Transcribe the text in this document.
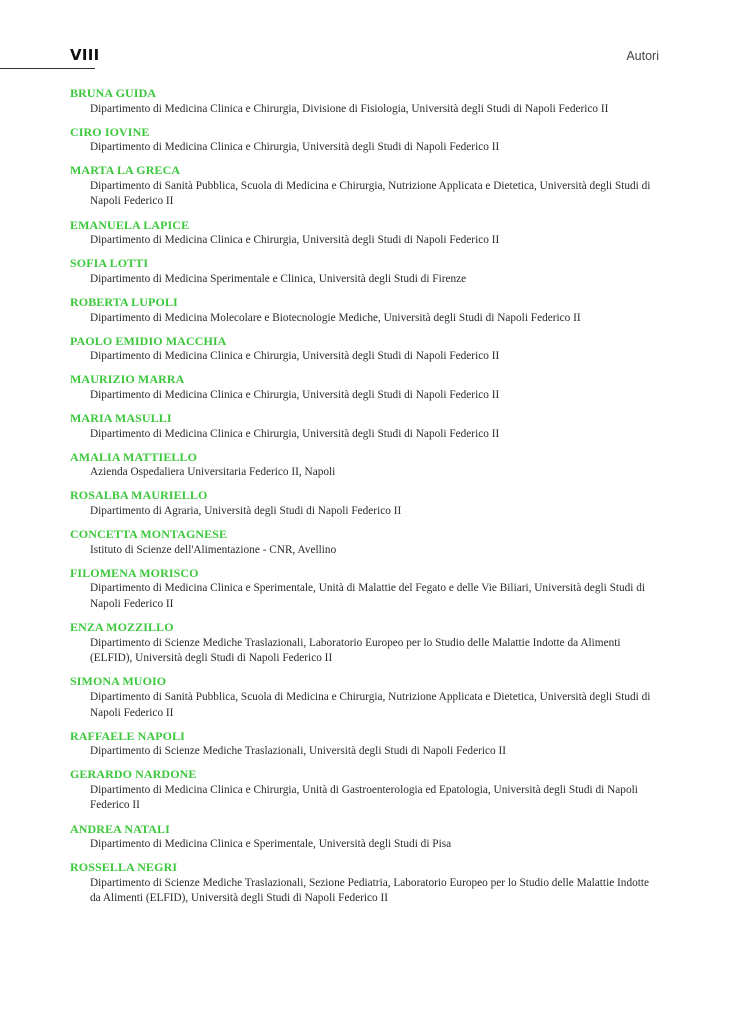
VIII	Autori
BRUNA GUIDA
Dipartimento di Medicina Clinica e Chirurgia, Divisione di Fisiologia, Università degli Studi di Napoli Federico II
CIRO IOVINE
Dipartimento di Medicina Clinica e Chirurgia, Università degli Studi di Napoli Federico II
MARTA LA GRECA
Dipartimento di Sanità Pubblica, Scuola di Medicina e Chirurgia, Nutrizione Applicata e Dietetica, Università degli Studi di Napoli Federico II
EMANUELA LAPICE
Dipartimento di Medicina Clinica e Chirurgia, Università degli Studi di Napoli Federico II
SOFIA LOTTI
Dipartimento di Medicina Sperimentale e Clinica, Università degli Studi di Firenze
ROBERTA LUPOLI
Dipartimento di Medicina Molecolare e Biotecnologie Mediche, Università degli Studi di Napoli Federico II
PAOLO EMIDIO MACCHIA
Dipartimento di Medicina Clinica e Chirurgia, Università degli Studi di Napoli Federico II
MAURIZIO MARRA
Dipartimento di Medicina Clinica e Chirurgia, Università degli Studi di Napoli Federico II
MARIA MASULLI
Dipartimento di Medicina Clinica e Chirurgia, Università degli Studi di Napoli Federico II
AMALIA MATTIELLO
Azienda Ospedaliera Universitaria Federico II, Napoli
ROSALBA MAURIELLO
Dipartimento di Agraria, Università degli Studi di Napoli Federico II
CONCETTA MONTAGNESE
Istituto di Scienze dell'Alimentazione - CNR, Avellino
FILOMENA MORISCO
Dipartimento di Medicina Clinica e Sperimentale, Unità di Malattie del Fegato e delle Vie Biliari, Università degli Studi di Napoli Federico II
ENZA MOZZILLO
Dipartimento di Scienze Mediche Traslazionali, Laboratorio Europeo per lo Studio delle Malattie Indotte da Alimenti (ELFID), Università degli Studi di Napoli Federico II
SIMONA MUOIO
Dipartimento di Sanità Pubblica, Scuola di Medicina e Chirurgia, Nutrizione Applicata e Dietetica, Università degli Studi di Napoli Federico II
RAFFAELE NAPOLI
Dipartimento di Scienze Mediche Traslazionali, Università degli Studi di Napoli Federico II
GERARDO NARDONE
Dipartimento di Medicina Clinica e Chirurgia, Unità di Gastroenterologia ed Epatologia, Università degli Studi di Napoli Federico II
ANDREA NATALI
Dipartimento di Medicina Clinica e Sperimentale, Università degli Studi di Pisa
ROSSELLA NEGRI
Dipartimento di Scienze Mediche Traslazionali, Sezione Pediatria, Laboratorio Europeo per lo Studio delle Malattie Indotte da Alimenti (ELFID), Università degli Studi di Napoli Federico II
